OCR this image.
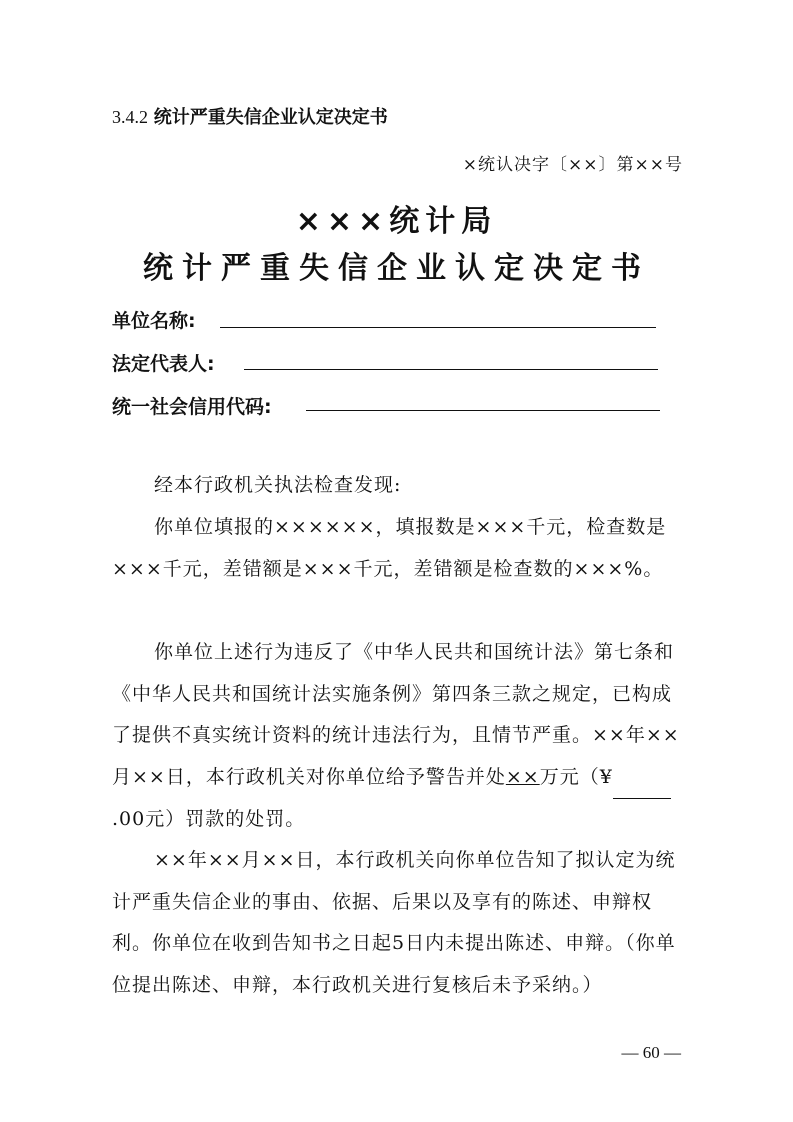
3.4.2 统计严重失信企业认定决定书
×统认决字〔××〕第××号
×××统计局
统计严重失信企业认定决定书
单位名称:
法定代表人:
统一社会信用代码:
经本行政机关执法检查发现:
你单位填报的××××××，填报数是×××千元，检查数是×××千元，差错额是×××千元，差错额是检查数的×××%。
你单位上述行为违反了《中华人民共和国统计法》第七条和《中华人民共和国统计法实施条例》第四条三款之规定，已构成了提供不真实统计资料的统计违法行为，且情节严重。××年××月××日，本行政机关对你单位给予警告并处××万元（¥ .00元）罚款的处罚。
××年××月××日，本行政机关向你单位告知了拟认定为统计严重失信企业的事由、依据、后果以及享有的陈述、申辩权利。你单位在收到告知书之日起5日内未提出陈述、申辩。（你单位提出陈述、申辩，本行政机关进行复核后未予采纳。）
— 60 —
